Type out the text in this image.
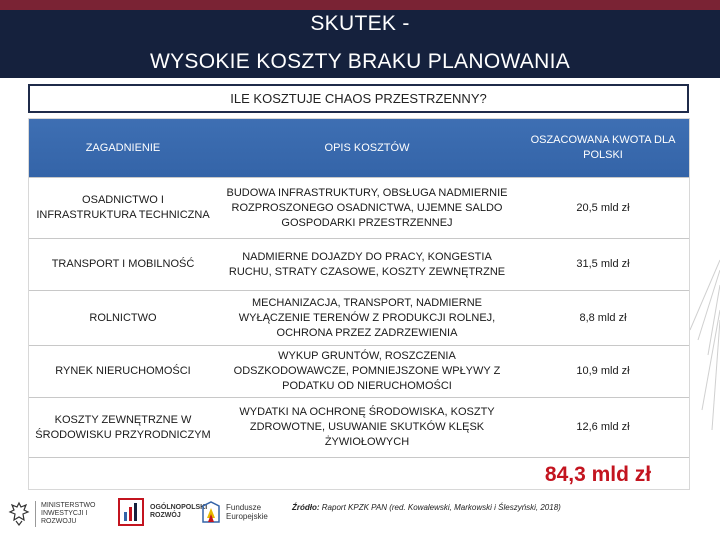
SKUTEK -
WYSOKIE KOSZTY BRAKU PLANOWANIA
ILE KOSZTUJE CHAOS PRZESTRZENNY?
ZAGADNIENIE	OPIS KOSZTÓW
OSZACOWANA KWOTA DLA POLSKI
OSADNICTWO I INFRASTRUKTURA TECHNICZNA
BUDOWA INFRASTRUKTURY, OBSŁUGA NADMIERNIE ROZPROSZONEGO OSADNICTWA, UJEMNE SALDO GOSPODARKI PRZESTRZENNEJ
20,5 mld zł
TRANSPORT I MOBILNOŚĆ
NADMIERNE DOJAZDY DO PRACY, KONGESTIA RUCHU, STRATY CZASOWE, KOSZTY ZEWNĘTRZNE
31,5 mld zł
ROLNICTWO
MECHANIZACJA, TRANSPORT, NADMIERNE WYŁĄCZENIE TERENÓW Z PRODUKCJI ROLNEJ, OCHRONA PRZEZ ZADRZEWIENIA
8,8 mld zł
RYNEK NIERUCHOMOŚCI
WYKUP GRUNTÓW, ROSZCZENIA ODSZKODOWAWCZE, POMNIEJSZONE WPŁYWY Z PODATKU OD NIERUCHOMOŚCI
10,9 mld zł
KOSZTY ZEWNĘTRZNE W ŚRODOWISKU PRZYRODNICZYM
WYDATKI NA OCHRONĘ ŚRODOWISKA, KOSZTY ZDROWOTNE, USUWANIE SKUTKÓW KLĘSK ŻYWIOŁOWYCH
12,6 mld zł
84,3 mld zł
MINISTERSTWO INWESTYCJI I ROZWOJU
OGÓLNOPOLSKI ROZWÓJ
Fundusze Europejskie
Źródło: Raport KPZK PAN (red. Kowalewski, Markowski i Śleszyński, 2018)
